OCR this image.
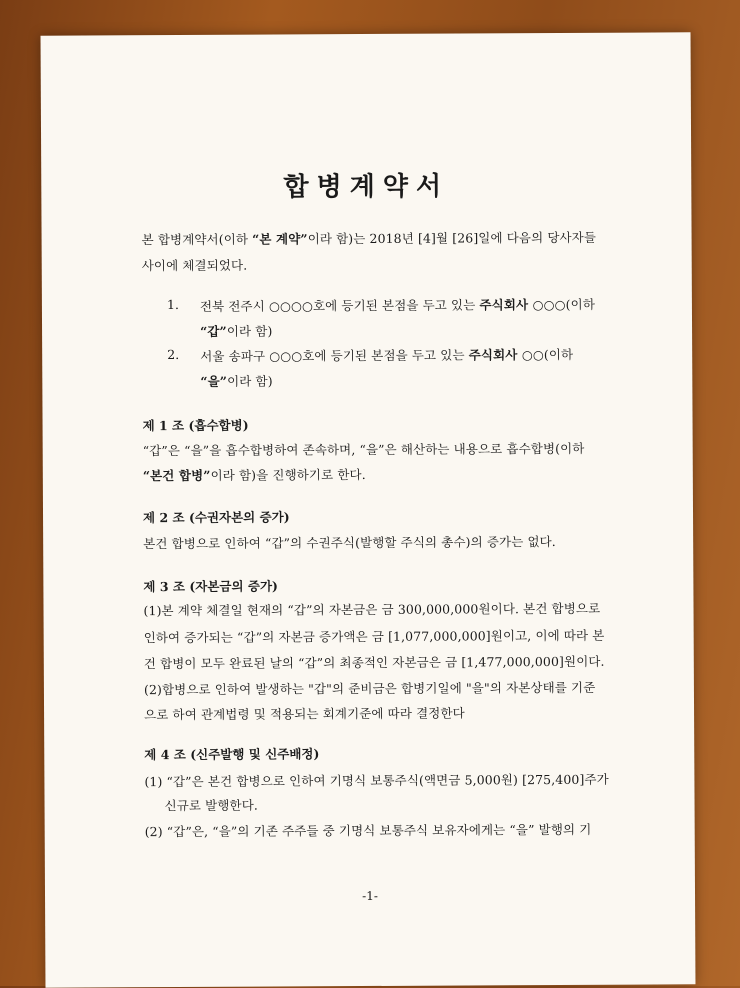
합병계약서
본 합병계약서(이하 “본 계약”이라 함)는 2018년 [4]월 [26]일에 다음의 당사자들
사이에 체결되었다.
1. 전북 전주시 ○○○○호에 등기된 본점을 두고 있는 주식회사 ○○○(이하
“갑”이라 함)
2. 서울 송파구 ○○○호에 등기된 본점을 두고 있는 주식회사 ○○(이하
“을”이라 함)
제 1 조 (흡수합병)
“갑”은 “을”을 흡수합병하여 존속하며, “을”은 해산하는 내용으로 흡수합병(이하
“본건 합병”이라 함)을 진행하기로 한다.
제 2 조 (수권자본의 증가)
본건 합병으로 인하여 “갑”의 수권주식(발행할 주식의 총수)의 증가는 없다.
제 3 조 (자본금의 증가)
(1)본 계약 체결일 현재의 “갑”의 자본금은 금 300,000,000원이다. 본건 합병으로
인하여 증가되는 “갑”의 자본금 증가액은 금 [1,077,000,000]원이고, 이에 따라 본
건 합병이 모두 완료된 날의 “갑”의 최종적인 자본금은 금 [1,477,000,000]원이다.
(2)합병으로 인하여 발생하는 "갑"의 준비금은 합병기일에 "을"의 자본상태를 기준
으로 하여 관계법령 및 적용되는 회계기준에 따라 결정한다
제 4 조 (신주발행 및 신주배정)
(1) “갑”은 본건 합병으로 인하여 기명식 보통주식(액면금 5,000원) [275,400]주가
신규로 발행한다.
(2) “갑”은, “을”의 기존 주주들 중 기명식 보통주식 보유자에게는 “을” 발행의 기
-1-
